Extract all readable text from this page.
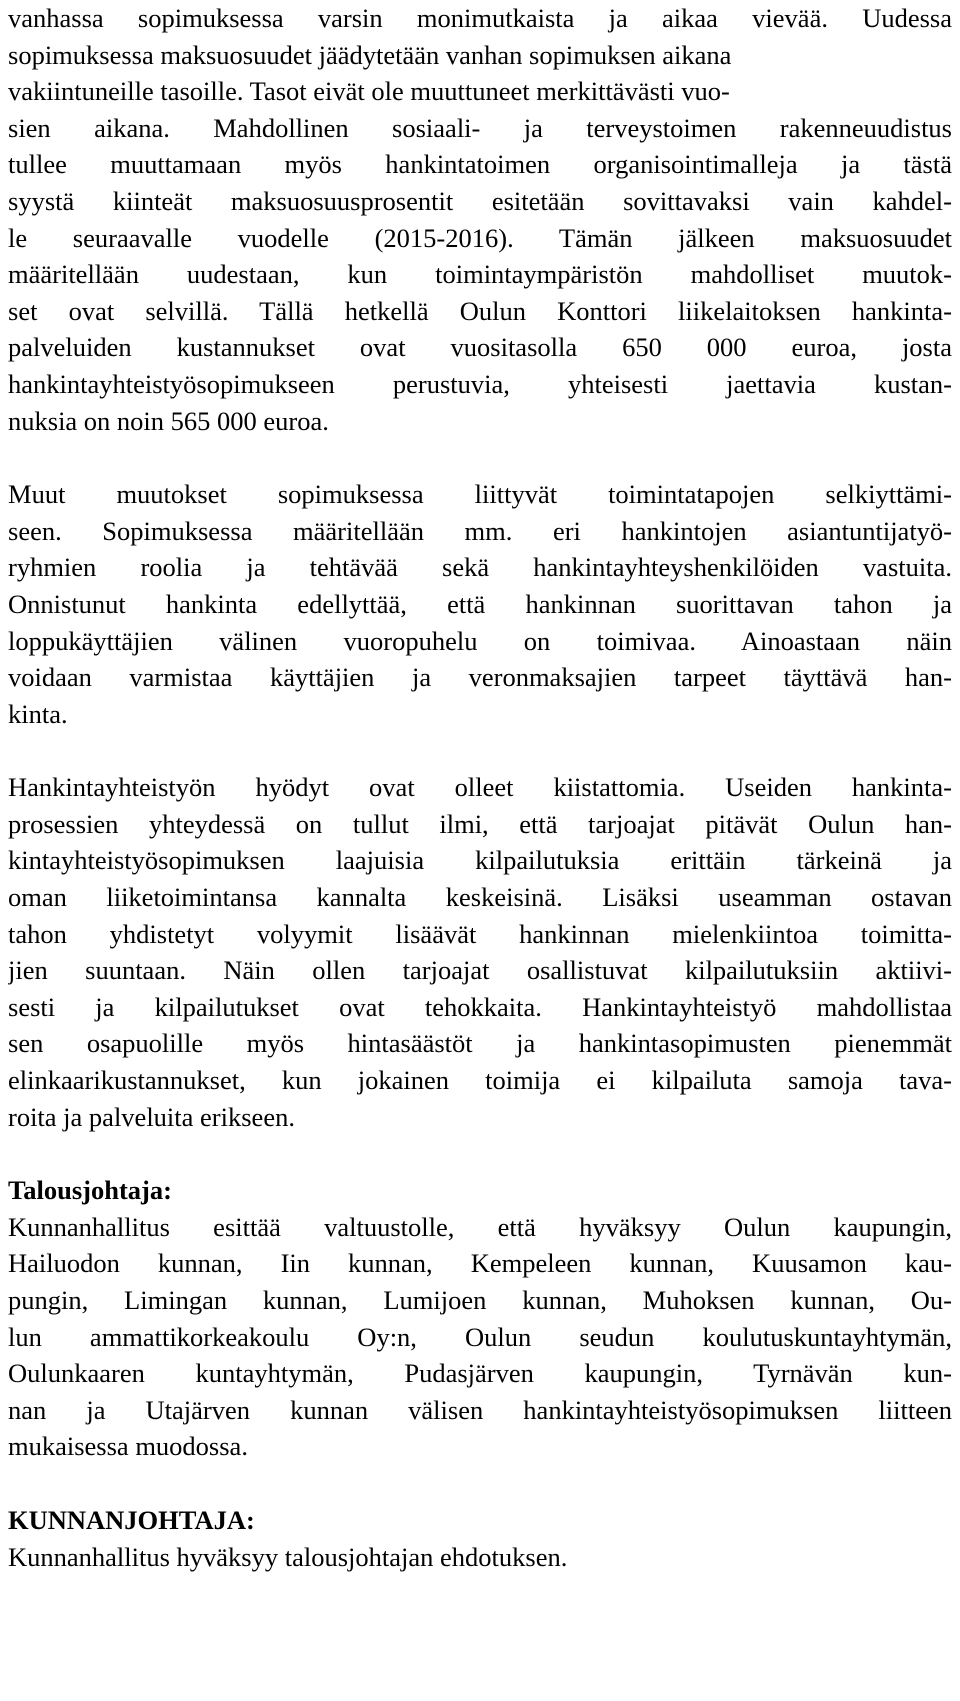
vanhassa sopimuksessa varsin monimutkaista ja aikaa vievää. Uudessa
sopimuksessa maksuosuudet jäädytetään vanhan sopimuksen aikana
vakiintuneille tasoille. Tasot eivät ole muuttuneet merkittävästi vuo-
sien aikana. Mahdollinen sosiaali- ja terveystoimen rakenneuudistus
tullee muuttamaan myös hankintatoimen organisointimalleja ja tästä
syystä kiinteät maksuosuusprosentit esitetään sovittavaksi vain kahdel-
le seuraavalle vuodelle (2015-2016). Tämän jälkeen maksuosuudet
määritellään uudestaan, kun toimintaympäristön mahdolliset muutok-
set ovat selvillä. Tällä hetkellä Oulun Konttori liikelaitoksen hankinta-
palveluiden kustannukset ovat vuositasolla 650 000 euroa, josta
hankintayhteistyösopimukseen perustuvia, yhteisesti jaettavia kustan-
nuksia on noin 565 000 euroa.
Muut muutokset sopimuksessa liittyvät toimintatapojen selkiyttämi-
seen. Sopimuksessa määritellään mm. eri hankintojen asiantuntijatyö-
ryhmien roolia ja tehtävää sekä hankintayhteyshenkilöiden vastuita.
Onnistunut hankinta edellyttää, että hankinnan suorittavan tahon ja
loppukäyttäjien välinen vuoropuhelu on toimivaa. Ainoastaan näin
voidaan varmistaa käyttäjien ja veronmaksajien tarpeet täyttävä han-
kinta.
Hankintayhteistyön hyödyt ovat olleet kiistattomia. Useiden hankinta-
prosessien yhteydessä on tullut ilmi, että tarjoajat pitävät Oulun han-
kintayhteistyösopimuksen laajuisia kilpailutuksia erittäin tärkeinä ja
oman liiketoimintansa kannalta keskeisinä. Lisäksi useamman ostavan
tahon yhdistetyt volyymit lisäävät hankinnan mielenkiintoa toimitta-
jien suuntaan. Näin ollen tarjoajat osallistuvat kilpailutuksiin aktiivi-
sesti ja kilpailutukset ovat tehokkaita. Hankintayhteistyö mahdollistaa
sen osapuolille myös hintasäästöt ja hankintasopimusten pienemmät
elinkaarikustannukset, kun jokainen toimija ei kilpailuta samoja tava-
roita ja palveluita erikseen.
Talousjohtaja:
Kunnanhallitus esittää valtuustolle, että hyväksyy Oulun kaupungin,
Hailuodon kunnan, Iin kunnan, Kempeleen kunnan, Kuusamon kau-
pungin, Limingan kunnan, Lumijoen kunnan, Muhoksen kunnan, Ou-
lun ammattikorkeakoulu Oy:n, Oulun seudun koulutuskuntayhtymän,
Oulunkaaren kuntayhtymän, Pudasjärven kaupungin, Tyrnävän kun-
nan ja Utajärven kunnan välisen hankintayhteistyösopimuksen liitteen
mukaisessa muodossa.
KUNNANJOHTAJA:
Kunnanhallitus hyväksyy talousjohtajan ehdotuksen.
